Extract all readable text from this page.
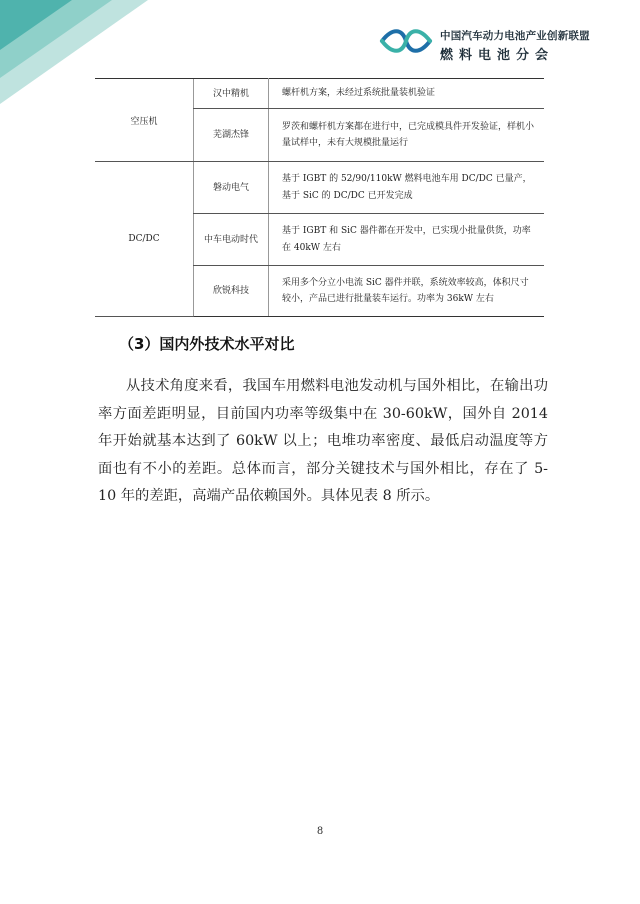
中国汽车动力电池产业创新联盟
燃料电池分会
空压机	汉中精机	螺杆机方案，未经过系统批量装机验证
	芜湖杰锋	罗茨和螺杆机方案都在进行中，已完成模具件开发验证，样机小量试样中，未有大规模批量运行
DC/DC	磐动电气	基于 IGBT 的 52/90/110kW 燃料电池车用 DC/DC 已量产，基于 SiC 的 DC/DC 已开发完成
	中车电动时代	基于 IGBT 和 SiC 器件都在开发中，已实现小批量供货，功率在 40kW 左右
	欣锐科技	采用多个分立小电流 SiC 器件并联，系统效率较高，体积尺寸较小，产品已进行批量装车运行。功率为 36kW 左右
（3）国内外技术水平对比
从技术角度来看，我国车用燃料电池发动机与国外相比，在输出功率方面差距明显，目前国内功率等级集中在 30-60kW，国外自 2014 年开始就基本达到了 60kW 以上；电堆功率密度、最低启动温度等方面也有不小的差距。总体而言，部分关键技术与国外相比，存在了 5-10 年的差距，高端产品依赖国外。具体见表 8 所示。
8
